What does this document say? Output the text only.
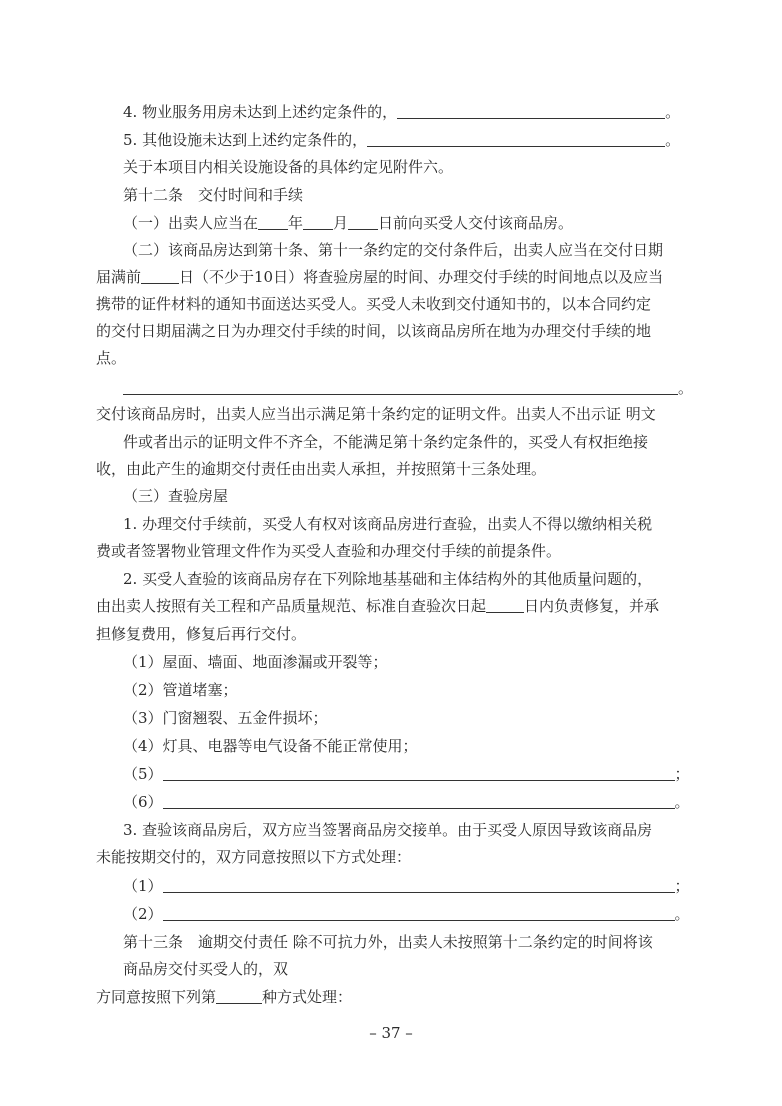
4. 物业服务用房未达到上述约定条件的，	。
5. 其他设施未达到上述约定条件的，	。
关于本项目内相关设施设备的具体约定见附件六。
第十二条　交付时间和手续
（一）出卖人应当在 年 月 日前向买受人交付该商品房。
（二）该商品房达到第十条、第十一条约定的交付条件后，出卖人应当在交付日期
届满前	日（不少于10日）将查验房屋的时间、办理交付手续的时间地点以及应当
携带的证件材料的通知书面送达买受人。买受人未收到交付通知书的，以本合同约定
的交付日期届满之日为办理交付手续的时间，以该商品房所在地为办理交付手续的地
点。
。
交付该商品房时，出卖人应当出示满足第十条约定的证明文件。出卖人不出示证 明文
件或者出示的证明文件不齐全，不能满足第十条约定条件的，买受人有权拒绝接
收，由此产生的逾期交付责任由出卖人承担，并按照第十三条处理。
（三）查验房屋
1. 办理交付手续前，买受人有权对该商品房进行查验，出卖人不得以缴纳相关税
费或者签署物业管理文件作为买受人查验和办理交付手续的前提条件。
2. 买受人查验的该商品房存在下列除地基基础和主体结构外的其他质量问题的，
由出卖人按照有关工程和产品质量规范、标准自查验次日起	日内负责修复，并承
担修复费用，修复后再行交付。
（1）屋面、墙面、地面渗漏或开裂等；
（2）管道堵塞；
（3）门窗翘裂、五金件损坏；
（4）灯具、电器等电气设备不能正常使用；
（5）	；
（6）	。
3. 查验该商品房后，双方应当签署商品房交接单。由于买受人原因导致该商品房
未能按期交付的，双方同意按照以下方式处理：
（1）	；
（2）	。
第十三条　逾期交付责任 除不可抗力外，出卖人未按照第十二条约定的时间将该
商品房交付买受人的，双
方同意按照下列第	种方式处理：
– 37 –
